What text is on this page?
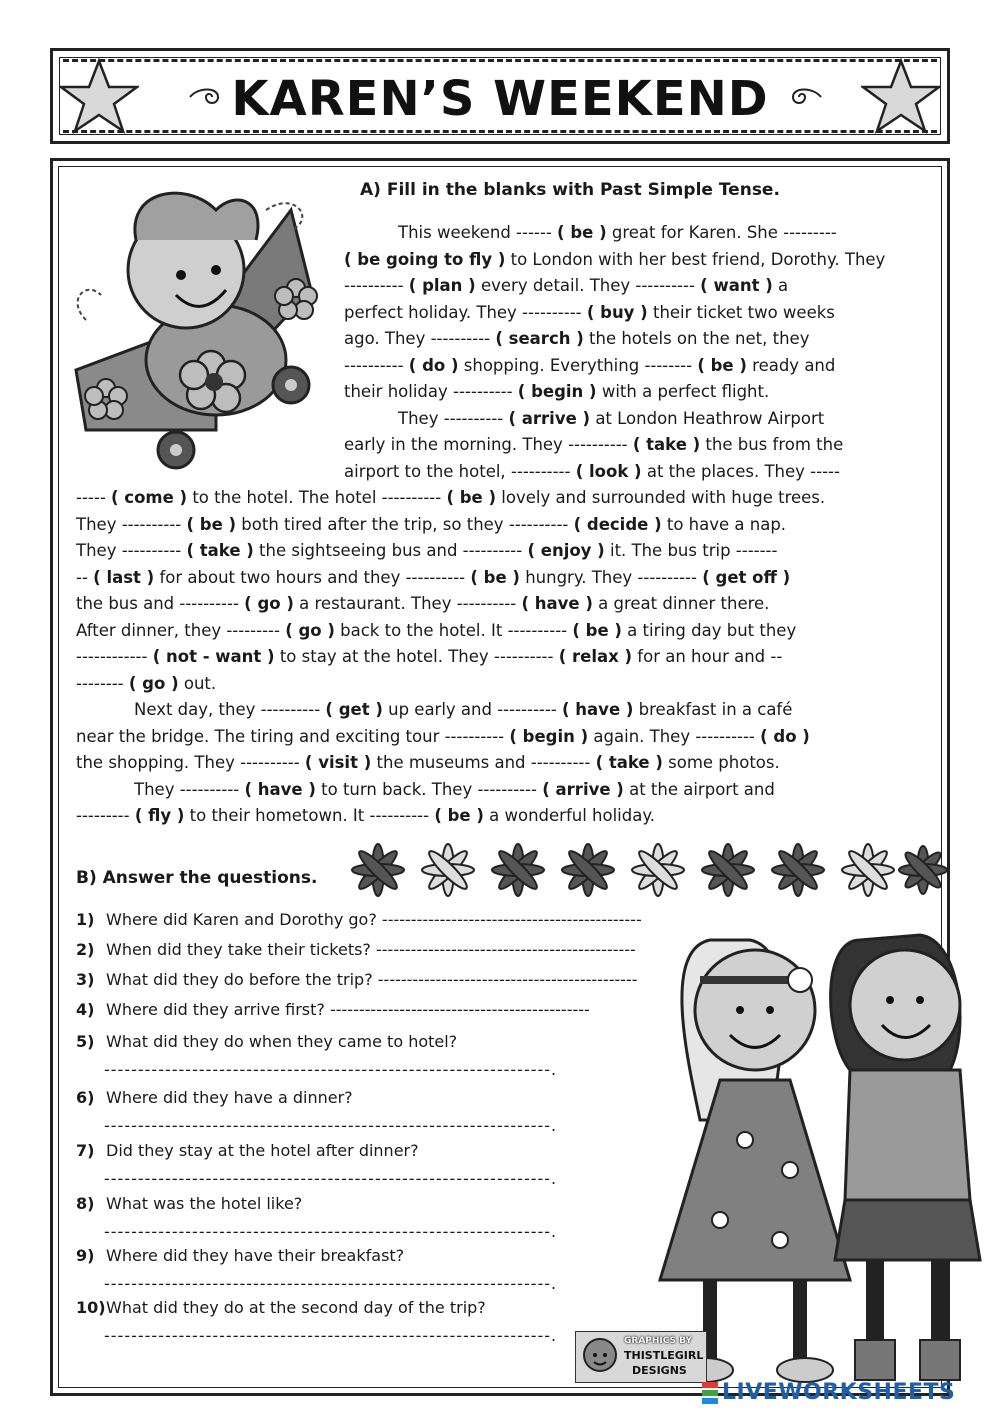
KAREN’S WEEKEND
A) Fill in the blanks with Past Simple Tense.
This weekend ------ ( be ) great for Karen. She ---------
( be going to fly ) to London with her best friend, Dorothy. They
---------- ( plan ) every detail. They ---------- ( want ) a
perfect holiday. They ---------- ( buy ) their ticket two weeks
ago. They ---------- ( search ) the hotels on the net, they
---------- ( do ) shopping. Everything -------- ( be ) ready and
their holiday ---------- ( begin ) with a perfect flight.
They ---------- ( arrive ) at London Heathrow Airport
early in the morning. They ---------- ( take ) the bus from the
airport to the hotel, ---------- ( look ) at the places. They -----
----- ( come ) to the hotel. The hotel ---------- ( be ) lovely and surrounded with huge trees.
They ---------- ( be ) both tired after the trip, so they ---------- ( decide ) to have a nap.
They ---------- ( take ) the sightseeing bus and ---------- ( enjoy ) it. The bus trip -------
-- ( last ) for about two hours and they ---------- ( be ) hungry. They ---------- ( get off )
the bus and ---------- ( go ) a restaurant. They ---------- ( have ) a great dinner there.
After dinner, they --------- ( go ) back to the hotel. It ---------- ( be ) a tiring day but they
------------ ( not - want ) to stay at the hotel. They ---------- ( relax ) for an hour and --
-------- ( go ) out.
Next day, they ---------- ( get ) up early and ---------- ( have ) breakfast in a café
near the bridge. The tiring and exciting tour ---------- ( begin ) again. They ---------- ( do )
the shopping. They ---------- ( visit ) the museums and ---------- ( take ) some photos.
They ---------- ( have ) to turn back. They ---------- ( arrive ) at the airport and
--------- ( fly ) to their hometown. It ---------- ( be ) a wonderful holiday.
B) Answer the questions.
1) Where did Karen and Dorothy go? ---------------------------------------------
2) When did they take their tickets? ---------------------------------------------
3) What did they do before the trip? ---------------------------------------------
4) Where did they arrive first? ---------------------------------------------
5) What did they do when they came to hotel?
------------------------------------------------------------------.
6) Where did they have a dinner?
------------------------------------------------------------------.
7) Did they stay at the hotel after dinner?
------------------------------------------------------------------.
8) What was the hotel like?
------------------------------------------------------------------.
9) Where did they have their breakfast?
------------------------------------------------------------------.
10)What did they do at the second day of the trip?
------------------------------------------------------------------.	GRAPHICS BY
THISTLEGIRL
DESIGNS
LIVEWORKSHEETS
